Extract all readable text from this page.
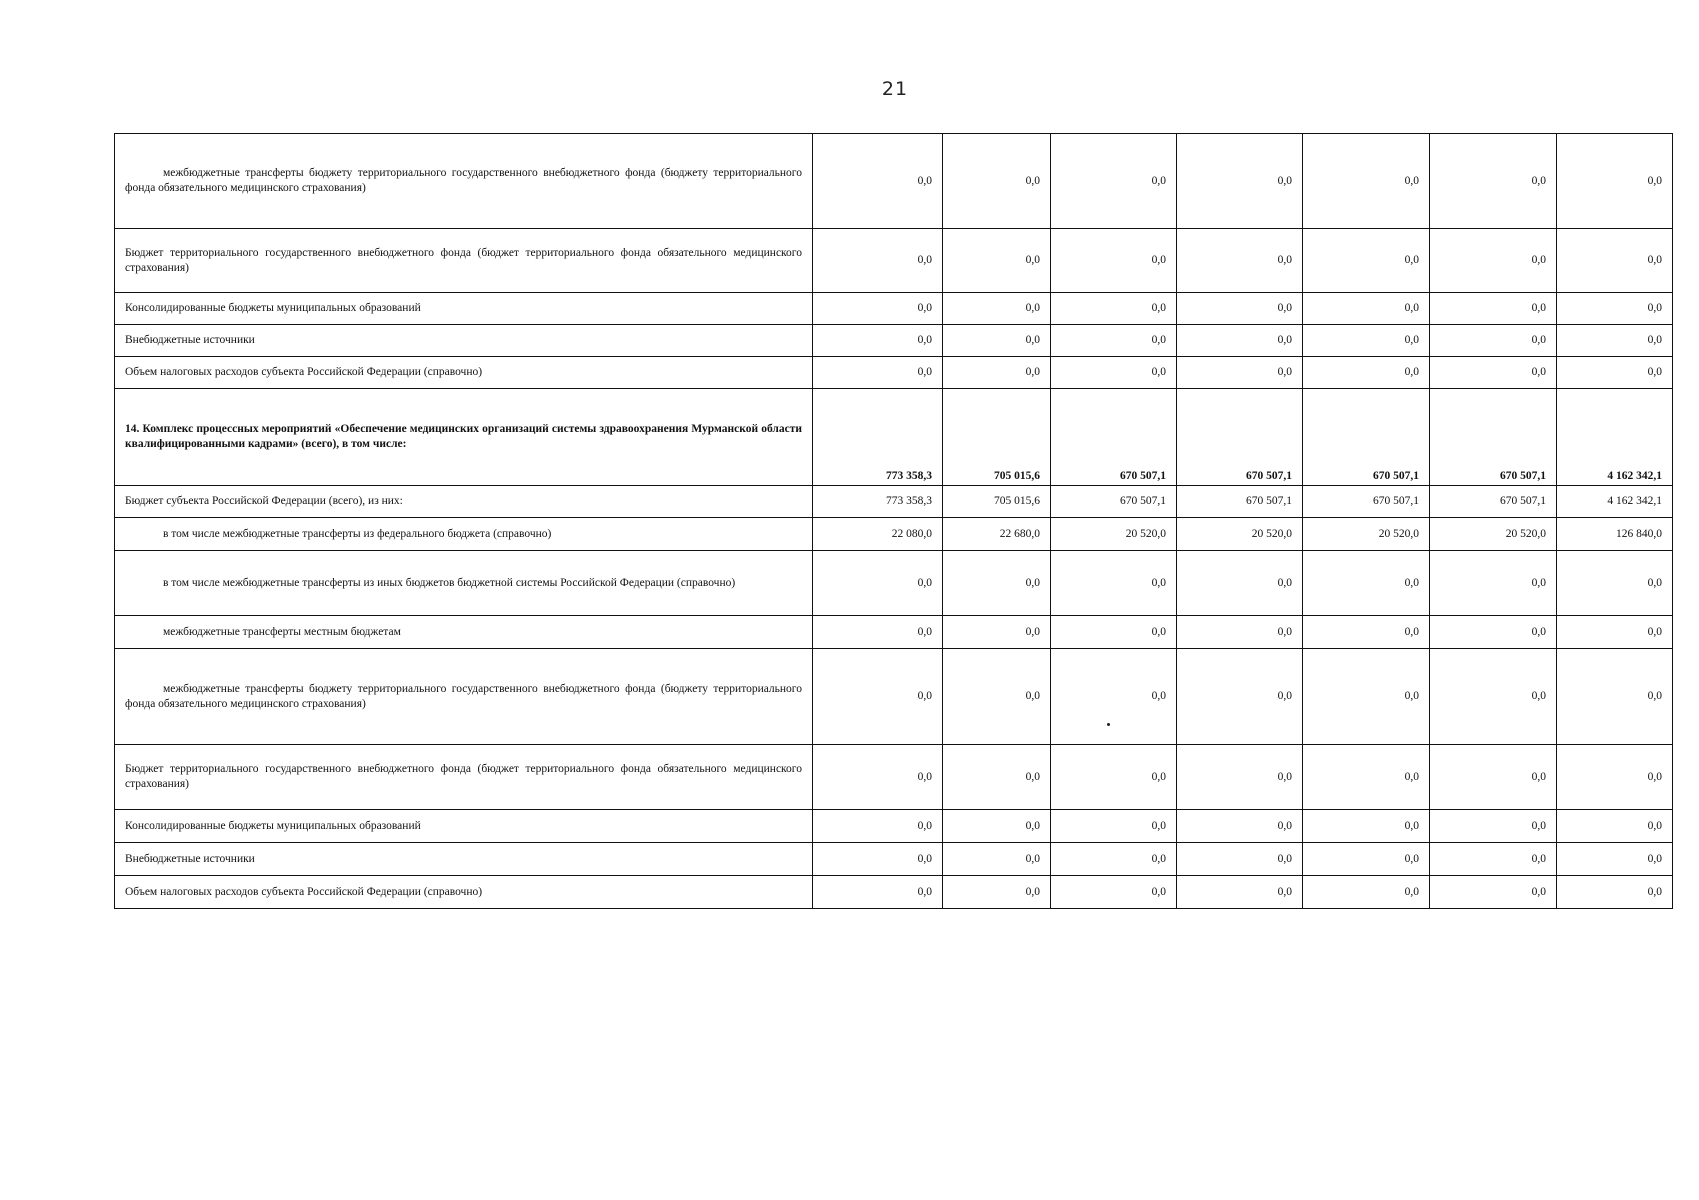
21
межбюджетные трансферты бюджету территориального государственного внебюджетного фонда (бюджету территориального фонда обязательного медицинского страхования)	0,0	0,0	0,0	0,0	0,0	0,0	0,0
Бюджет территориального государственного внебюджетного фонда (бюджет территориального фонда обязательного медицинского страхования)	0,0	0,0	0,0	0,0	0,0	0,0	0,0
Консолидированные бюджеты муниципальных образований	0,0	0,0	0,0	0,0	0,0	0,0	0,0
Внебюджетные источники	0,0	0,0	0,0	0,0	0,0	0,0	0,0
Объем налоговых расходов субъекта Российской Федерации (справочно)	0,0	0,0	0,0	0,0	0,0	0,0	0,0
14. Комплекс процессных мероприятий «Обеспечение медицинских организаций системы здравоохранения Мурманской области квалифицированными кадрами» (всего), в том числе:	773 358,3	705 015,6	670 507,1	670 507,1	670 507,1	670 507,1	4 162 342,1
Бюджет субъекта Российской Федерации (всего), из них:	773 358,3	705 015,6	670 507,1	670 507,1	670 507,1	670 507,1	4 162 342,1
в том числе межбюджетные трансферты из федерального бюджета (справочно)	22 080,0	22 680,0	20 520,0	20 520,0	20 520,0	20 520,0	126 840,0
в том числе межбюджетные трансферты из иных бюджетов бюджетной системы Российской Федерации (справочно)	0,0	0,0	0,0	0,0	0,0	0,0	0,0
межбюджетные трансферты местным бюджетам	0,0	0,0	0,0	0,0	0,0	0,0	0,0
межбюджетные трансферты бюджету территориального государственного внебюджетного фонда (бюджету территориального фонда обязательного медицинского страхования)	0,0	0,0	0,0	0,0	0,0	0,0	0,0
Бюджет территориального государственного внебюджетного фонда (бюджет территориального фонда обязательного медицинского страхования)	0,0	0,0	0,0	0,0	0,0	0,0	0,0
Консолидированные бюджеты муниципальных образований	0,0	0,0	0,0	0,0	0,0	0,0	0,0
Внебюджетные источники	0,0	0,0	0,0	0,0	0,0	0,0	0,0
Объем налоговых расходов субъекта Российской Федерации (справочно)	0,0	0,0	0,0	0,0	0,0	0,0	0,0
